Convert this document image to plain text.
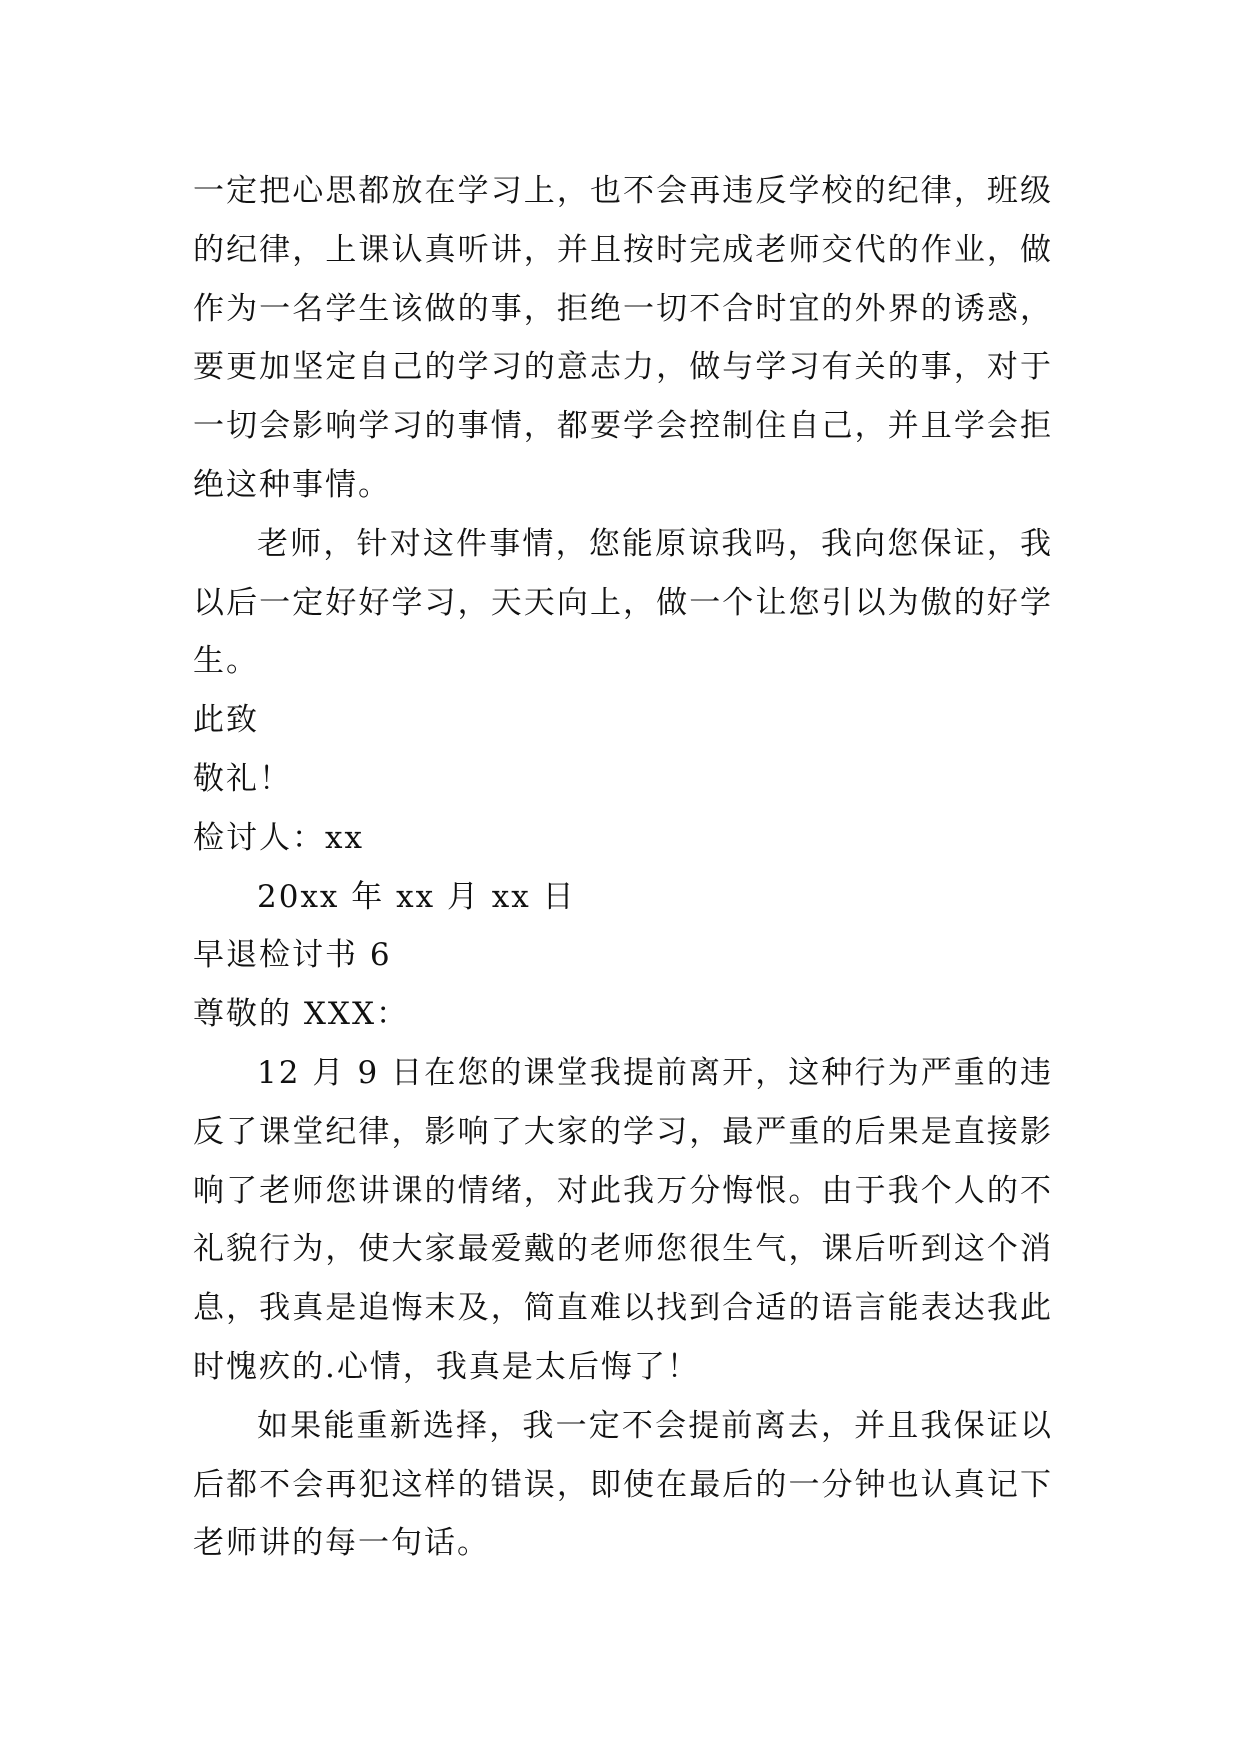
一定把心思都放在学习上，也不会再违反学校的纪律，班级的纪律，上课认真听讲，并且按时完成老师交代的作业，做作为一名学生该做的事，拒绝一切不合时宜的外界的诱惑，要更加坚定自己的学习的意志力，做与学习有关的事，对于一切会影响学习的事情，都要学会控制住自己，并且学会拒绝这种事情。

老师，针对这件事情，您能原谅我吗，我向您保证，我以后一定好好学习，天天向上，做一个让您引以为傲的好学生。

此致

敬礼！

检讨人：xx

20xx 年 xx 月 xx 日

早退检讨书 6

尊敬的 XXX：

12 月 9 日在您的课堂我提前离开，这种行为严重的违反了课堂纪律，影响了大家的学习，最严重的后果是直接影响了老师您讲课的情绪，对此我万分悔恨。由于我个人的不礼貌行为，使大家最爱戴的老师您很生气，课后听到这个消息，我真是追悔末及，简直难以找到合适的语言能表达我此时愧疚的.心情，我真是太后悔了！

如果能重新选择，我一定不会提前离去，并且我保证以后都不会再犯这样的错误，即使在最后的一分钟也认真记下老师讲的每一句话。
